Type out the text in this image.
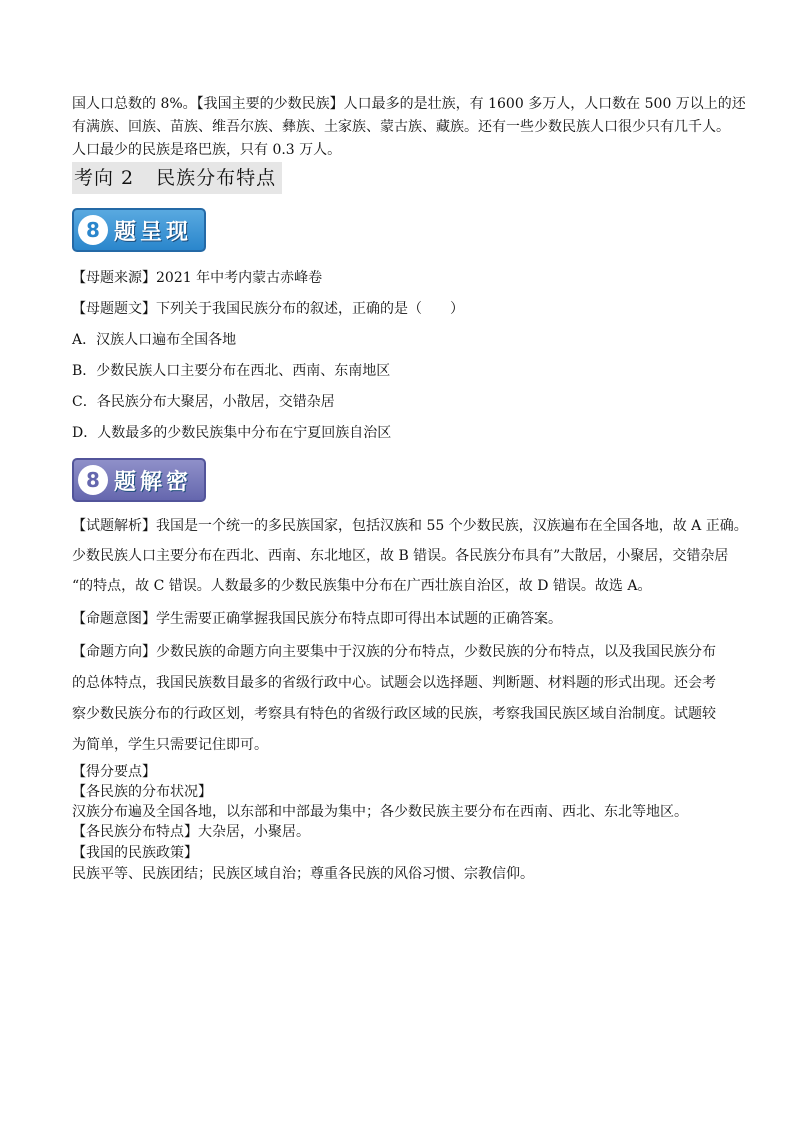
国人口总数的 8%。【我国主要的少数民族】人口最多的是壮族，有 1600 多万人，人口数在 500 万以上的还
有满族、回族、苗族、维吾尔族、彝族、土家族、蒙古族、藏族。还有一些少数民族人口很少只有几千人。
人口最少的民族是珞巴族，只有 0.3 万人。
考向 2 民族分布特点
8 题呈现
【母题来源】2021 年中考内蒙古赤峰卷
【母题题文】下列关于我国民族分布的叙述，正确的是（　　）
A．汉族人口遍布全国各地
B．少数民族人口主要分布在西北、西南、东南地区
C．各民族分布大聚居，小散居，交错杂居
D．人数最多的少数民族集中分布在宁夏回族自治区
8 题解密
【试题解析】我国是一个统一的多民族国家，包括汉族和 55 个少数民族，汉族遍布在全国各地，故 A 正确。
少数民族人口主要分布在西北、西南、东北地区，故 B 错误。各民族分布具有”大散居，小聚居，交错杂居
“的特点，故 C 错误。人数最多的少数民族集中分布在广西壮族自治区，故 D 错误。故选 A。
【命题意图】学生需要正确掌握我国民族分布特点即可得出本试题的正确答案。
【命题方向】少数民族的命题方向主要集中于汉族的分布特点，少数民族的分布特点，以及我国民族分布
的总体特点，我国民族数目最多的省级行政中心。试题会以选择题、判断题、材料题的形式出现。还会考
察少数民族分布的行政区划，考察具有特色的省级行政区域的民族，考察我国民族区域自治制度。试题较
为简单，学生只需要记住即可。
【得分要点】
【各民族的分布状况】
汉族分布遍及全国各地，以东部和中部最为集中；各少数民族主要分布在西南、西北、东北等地区。
【各民族分布特点】大杂居，小聚居。
【我国的民族政策】
民族平等、民族团结；民族区域自治；尊重各民族的风俗习惯、宗教信仰。
